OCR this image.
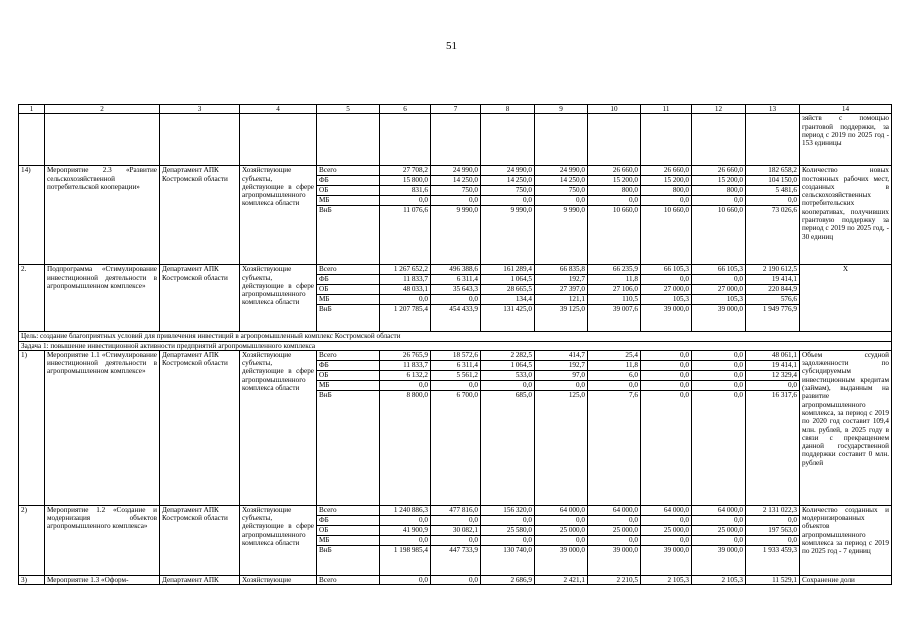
51
1	2	3	4	5	6	7	8	9	10	11	12	13	14
													зяйств с помощью грантовой поддержки, за период с 2019 по 2025 год - 153 единицы
14)	Мероприятие 2.3 «Развитие сельскохозяйственной потребительской кооперации»	Департамент АПК Костромской области	Хозяйствующие субъекты, действующие в сфере агропромышленного комплекса области	Всего	27 708,2	24 990,0	24 990,0	24 990,0	26 660,0	26 660,0	26 660,0	182 658,2	Количество новых постоянных рабочих мест, созданных в сельскохозяйственных потребительских кооперативах, получивших грантовую поддержку за период с 2019 по 2025 год, - 30 единиц
				ФБ	15 800,0	14 250,0	14 250,0	14 250,0	15 200,0	15 200,0	15 200,0	104 150,0	
				ОБ	831,6	750,0	750,0	750,0	800,0	800,0	800,0	5 481,6	
				МБ	0,0	0,0	0,0	0,0	0,0	0,0	0,0	0,0	
				ВнБ	11 076,6	9 990,0	9 990,0	9 990,0	10 660,0	10 660,0	10 660,0	73 026,6	
2.	Подпрограмма «Стимулирование инвестиционной деятельности в агропромышленном комплексе»	Департамент АПК Костромской области	Хозяйствующие субъекты, действующие в сфере агропромышленного комплекса области	Всего	1 267 652,2	496 388,6	161 289,4	66 835,8	66 235,9	66 105,3	66 105,3	2 190 612,5	Х
				ФБ	11 833,7	6 311,4	1 064,5	192,7	11,8	0,0	0,0	19 414,1	
				ОБ	48 033,1	35 643,3	28 665,5	27 397,0	27 106,0	27 000,0	27 000,0	220 844,9	
				МБ	0,0	0,0	134,4	121,1	110,5	105,3	105,3	576,6	
				ВнБ	1 207 785,4	454 433,9	131 425,0	39 125,0	39 007,6	39 000,0	39 000,0	1 949 776,9	
Цель: создание благоприятных условий для привлечения инвестиций в агропромышленный комплекс Костромской области													
Задача 1: повышение инвестиционной активности предприятий агропромышленного комплекса													
1)	Мероприятие 1.1 «Стимулирование инвестиционной деятельности в агропромышленном комплексе»	Департамент АПК Костромской области	Хозяйствующие субъекты, действующие в сфере агропромышленного комплекса области	Всего	26 765,9	18 572,6	2 282,5	414,7	25,4	0,0	0,0	48 061,1	Объем ссудной задолженности по субсидируемым инвестиционным кредитам (займам), выданным на развитие агропромышленного комплекса, за период с 2019 по 2020 год составит 109,4 млн. рублей, в 2025 году в связи с прекращением данной государственной поддержки составит 0 млн. рублей
				ФБ	11 833,7	6 311,4	1 064,5	192,7	11,8	0,0	0,0	19 414,1	
				ОБ	6 132,2	5 561,2	533,0	97,0	6,0	0,0	0,0	12 329,4	
				МБ	0,0	0,0	0,0	0,0	0,0	0,0	0,0	0,0	
				ВнБ	8 800,0	6 700,0	685,0	125,0	7,6	0,0	0,0	16 317,6	
2)	Мероприятие 1.2 «Создание и модернизация объектов агропромышленного комплекса»	Департамент АПК Костромской области	Хозяйствующие субъекты, действующие в сфере агропромышленного комплекса области	Всего	1 240 886,3	477 816,0	156 320,0	64 000,0	64 000,0	64 000,0	64 000,0	2 131 022,3	Количество созданных и модернизированных объектов агропромышленного комплекса за период с 2019 по 2025 год - 7 единиц
				ФБ	0,0	0,0	0,0	0,0	0,0	0,0	0,0	0,0	
				ОБ	41 900,9	30 082,1	25 580,0	25 000,0	25 000,0	25 000,0	25 000,0	197 563,0	
				МБ	0,0	0,0	0,0	0,0	0,0	0,0	0,0	0,0	
				ВнБ	1 198 985,4	447 733,9	130 740,0	39 000,0	39 000,0	39 000,0	39 000,0	1 933 459,3	
3)	Мероприятие 1.3 «Оформ-	Департамент АПК	Хозяйствующие	Всего	0,0	0,0	2 686,9	2 421,1	2 210,5	2 105,3	2 105,3	11 529,1	Сохранение доли
